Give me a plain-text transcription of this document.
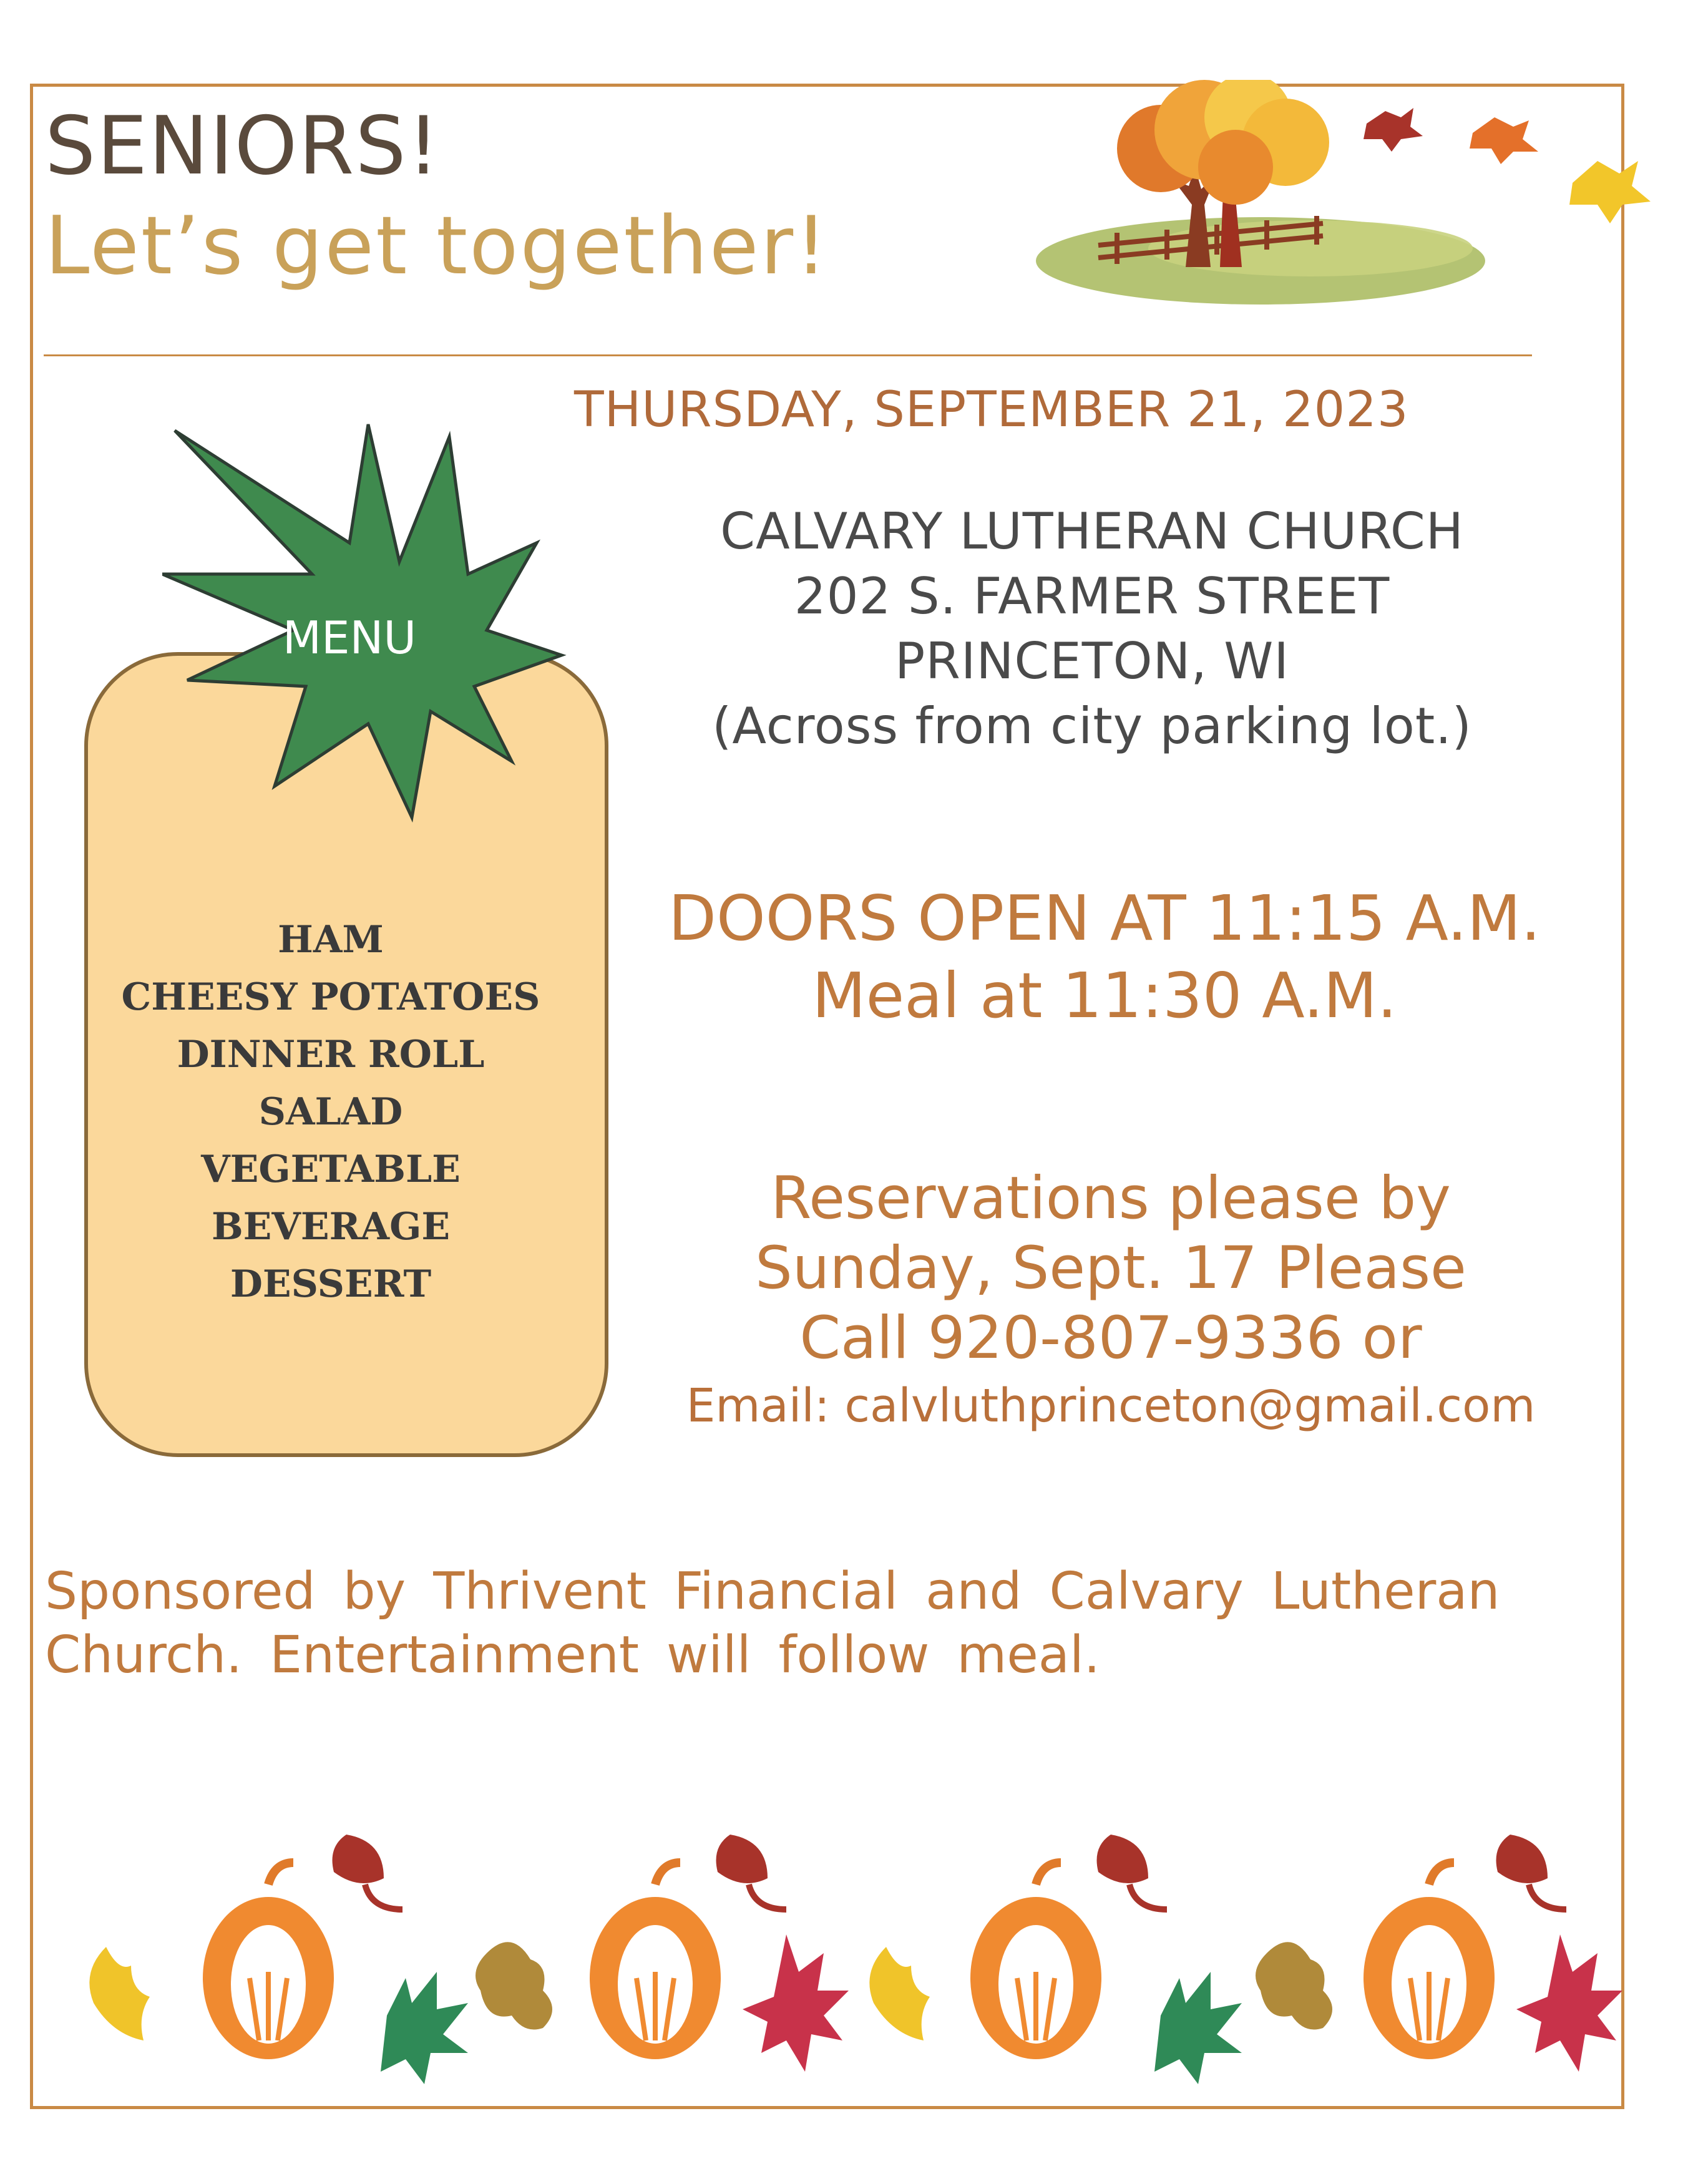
SENIORS!
Let’s get together!
THURSDAY, SEPTEMBER 21, 2023
CALVARY LUTHERAN CHURCH
202 S. FARMER STREET
PRINCETON, WI
(Across from city parking lot.)
DOORS OPEN AT 11:15 A.M.
Meal at 11:30 A.M.
Reservations please by
Sunday, Sept. 17 Please
Call 920-807-9336 or
Email: calvluthprinceton@gmail.com
MENU
HAM
CHEESY POTATOES
DINNER ROLL
SALAD
VEGETABLE
BEVERAGE
DESSERT
Sponsored by Thrivent Financial and Calvary Lutheran Church. Entertainment will follow meal.
